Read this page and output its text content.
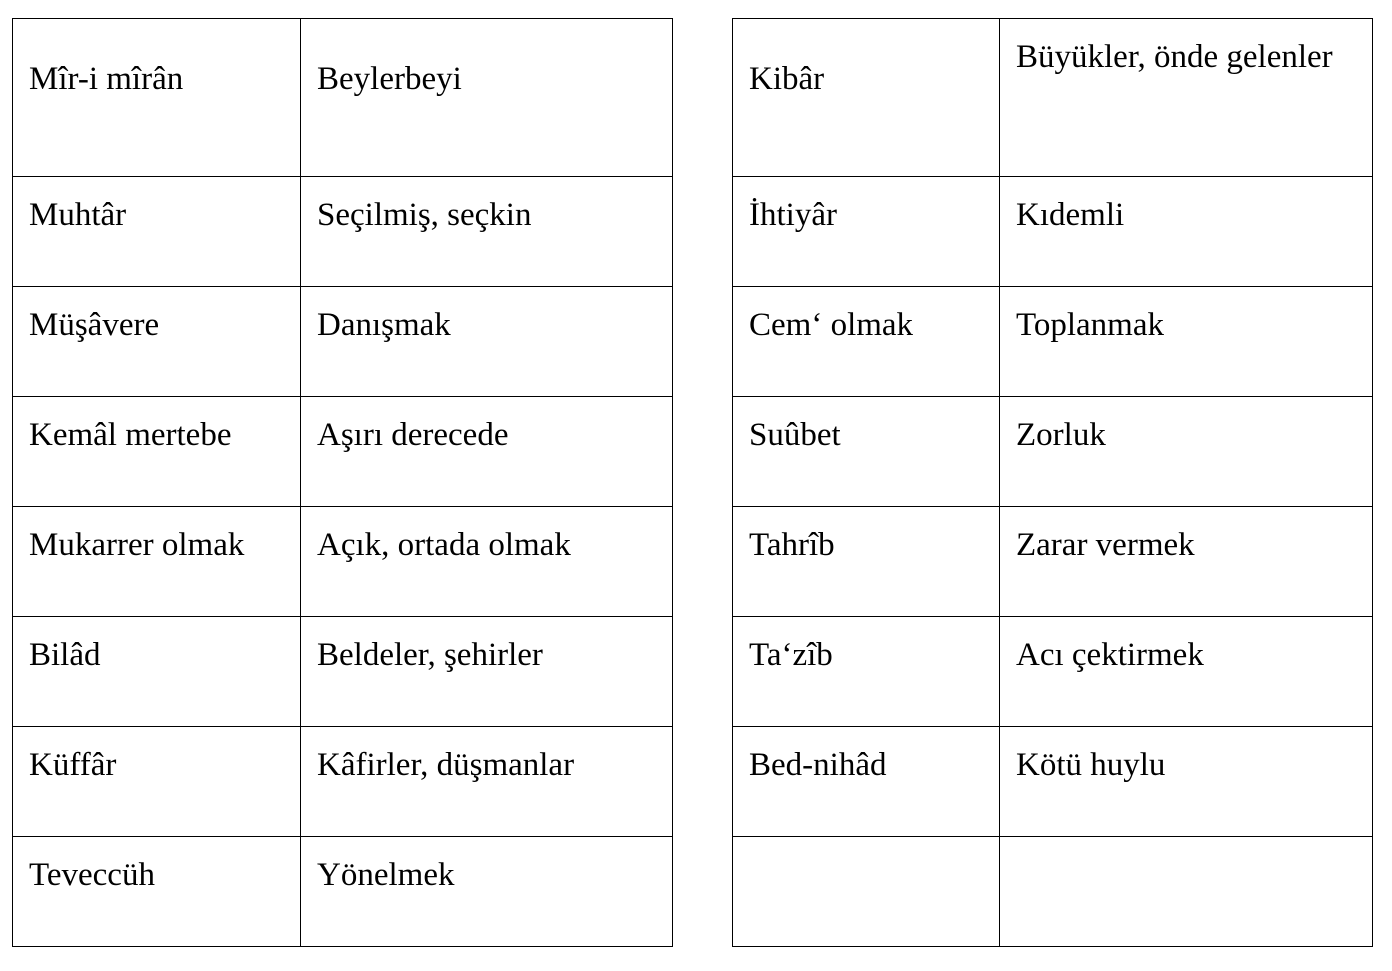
Mîr-i mîrân	Beylerbeyi
Muhtâr	Seçilmiş, seçkin
Müşâvere	Danışmak
Kemâl mertebe	Aşırı derecede
Mukarrer olmak	Açık, ortada olmak
Bilâd	Beldeler, şehirler
Küffâr	Kâfirler, düşmanlar
Teveccüh	Yönelmek
Kibâr	Büyükler, önde gelenler
İhtiyâr	Kıdemli
Cem‘ olmak	Toplanmak
Suûbet	Zorluk
Tahrîb	Zarar vermek
Ta‘zîb	Acı çektirmek
Bed-nihâd	Kötü huylu
